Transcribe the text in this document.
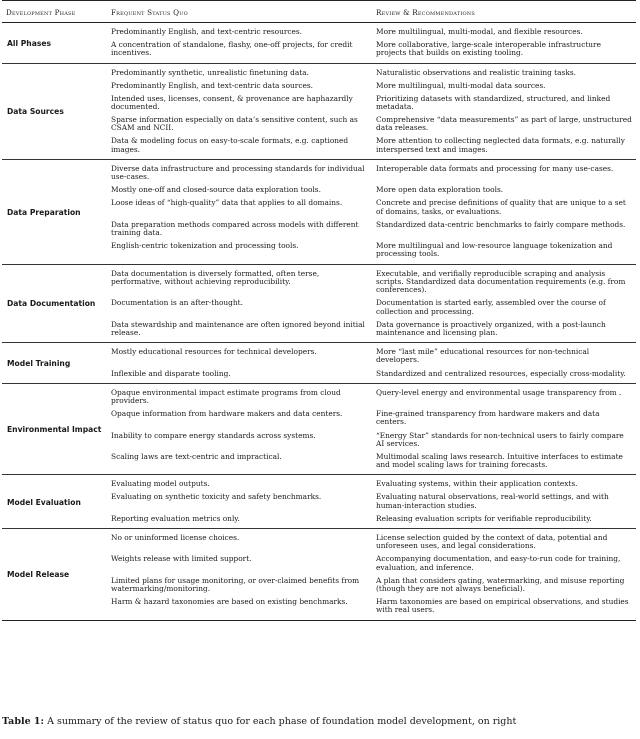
Development Phase	Frequent Status Quo	Review & Recommendations
All Phases	Predominantly English, and text-centric resources.	More multilingual, multi-modal, and flexible resources.
	A concentration of standalone, flashy, one-off projects, for credit incentives.	More collaborative, large-scale interoperable infrastructure projects that builds on existing tooling.
Data Sources	Predominantly synthetic, unrealistic finetuning data.	Naturalistic observations and realistic training tasks.
	Predominantly English, and text-centric data sources.	More multilingual, multi-modal data sources.
	Intended uses, licenses, consent, & provenance are haphazardly documented.	Prioritizing datasets with standardized, structured, and linked metadata.
	Sparse information especially on data’s sensitive content, such as CSAM and NCII.	Comprehensive “data measurements” as part of large, unstructured data releases.
	Data & modeling focus on easy-to-scale formats, e.g. captioned images.	More attention to collecting neglected data formats, e.g. naturally interspersed text and images.
Data Preparation	Diverse data infrastructure and processing standards for individual use-cases.	Interoperable data formats and processing for many use-cases.
	Mostly one-off and closed-source data exploration tools.	More open data exploration tools.
	Loose ideas of “high-quality” data that applies to all domains.	Concrete and precise definitions of quality that are unique to a set of domains, tasks, or evaluations.
	Data preparation methods compared across models with different training data.	Standardized data-centric benchmarks to fairly compare methods.
	English-centric tokenization and processing tools.	More multilingual and low-resource language tokenization and processing tools.
Data Documentation	Data documentation is diversely formatted, often terse, performative, without achieving reproducibility.	Executable, and verifially reproducible scraping and analysis scripts. Standardized data documentation requirements (e.g. from conferences).
	Documentation is an after-thought.	Documentation is started early, assembled over the course of collection and processing.
	Data stewardship and maintenance are often ignored beyond initial release.	Data governance is proactively organized, with a post-launch maintenance and licensing plan.
Model Training	Mostly educational resources for technical developers.	More “last mile” educational resources for non-technical developers.
	Inflexible and disparate tooling.	Standardized and centralized resources, especially cross-modality.
Environmental Impact	Opaque environmental impact estimate programs from cloud providers.	Query-level energy and environmental usage transparency from .
	Opaque information from hardware makers and data centers.	Fine-grained transparency from hardware makers and data centers.
	Inability to compare energy standards across systems.	“Energy Star” standards for non-technical users to fairly compare AI services.
	Scaling laws are text-centric and impractical.	Multimodal scaling laws research. Intuitive interfaces to estimate and model scaling laws for training forecasts.
Model Evaluation	Evaluating model outputs.	Evaluating systems, within their application contexts.
	Evaluating on synthetic toxicity and safety benchmarks.	Evaluating natural observations, real-world settings, and with human-interaction studies.
	Reporting evaluation metrics only.	Releasing evaluation scripts for verifiable reproducibility.
Model Release	No or uninformed license choices.	License selection guided by the context of data, potential and unforeseen uses, and legal considerations.
	Weights release with limited support.	Accompanying documentation, and easy-to-run code for training, evaluation, and inference.
	Limited plans for usage monitoring, or over-claimed benefits from watermarking/monitoring.	A plan that considers gating, watermarking, and misuse reporting (though they are not always beneficial).
	Harm & hazard taxonomies are based on existing benchmarks.	Harm taxonomies are based on empirical observations, and studies with real users.
Table 1: A summary of the review of status quo for each phase of foundation model development, on right
